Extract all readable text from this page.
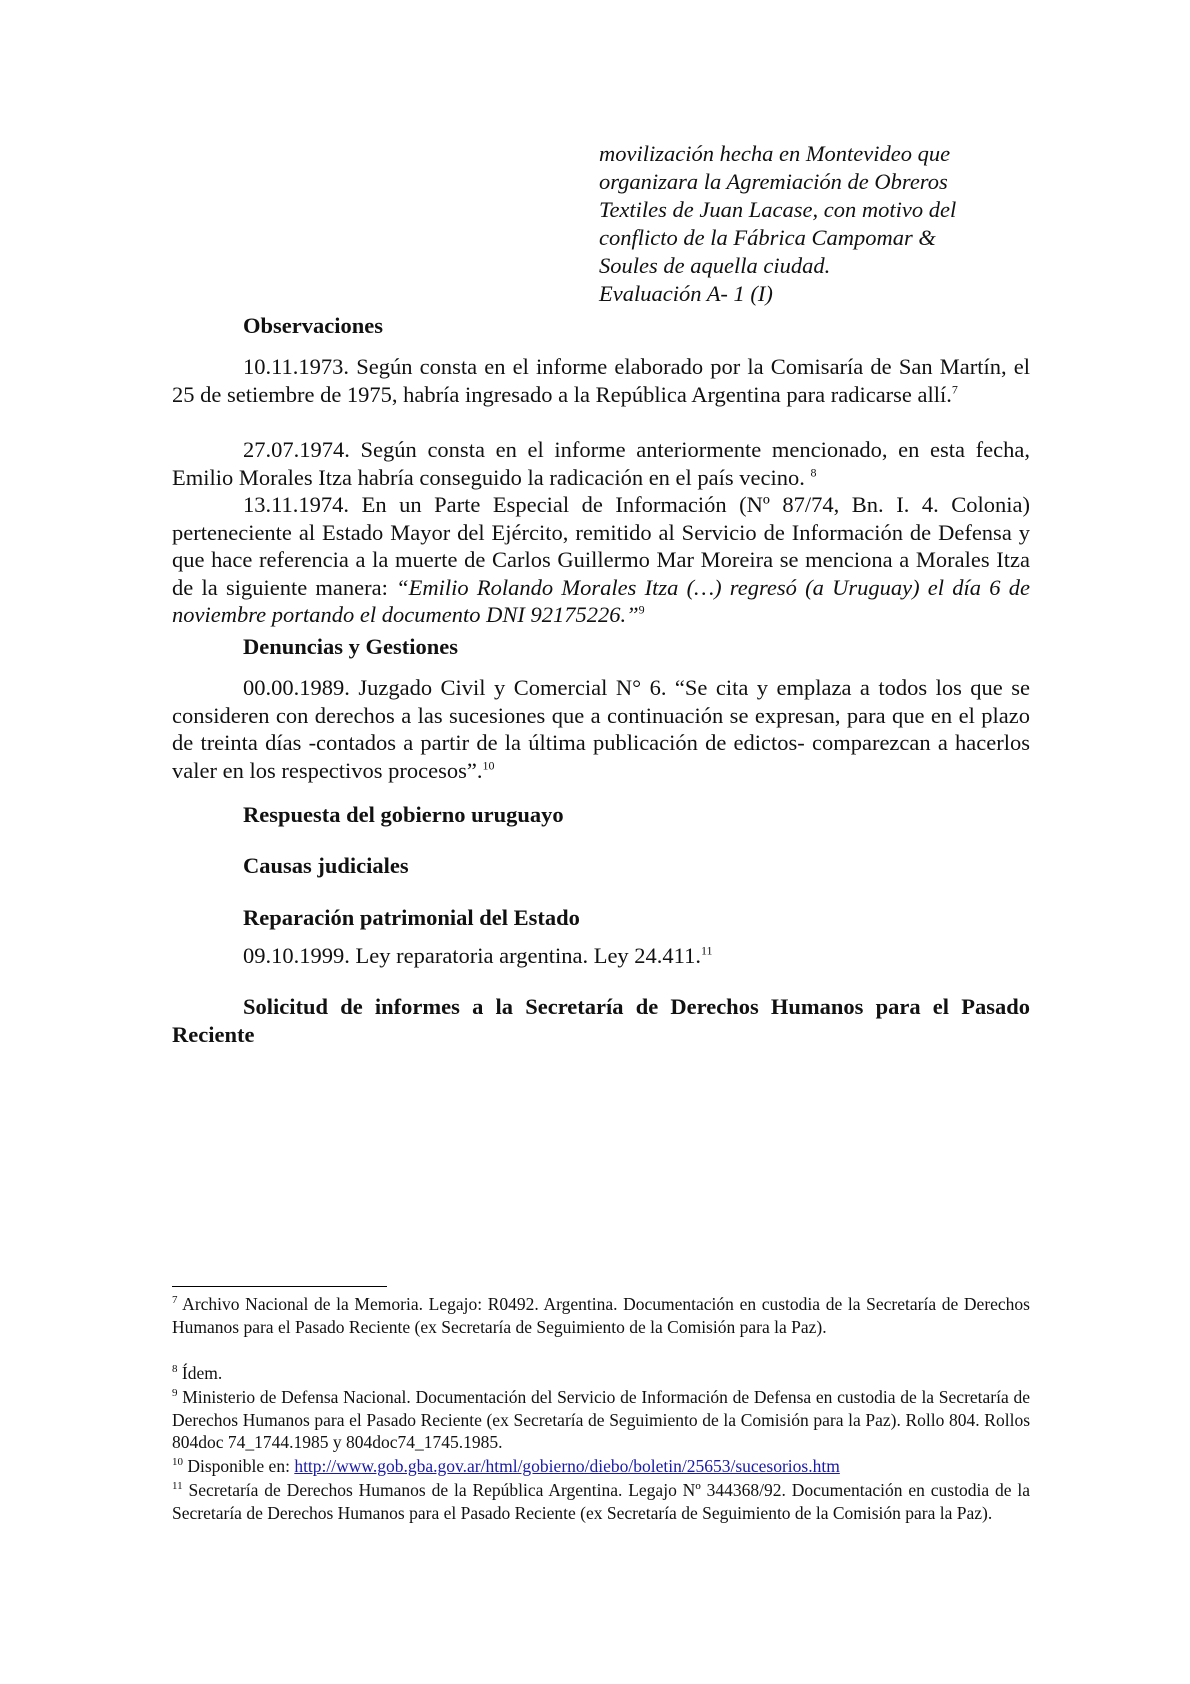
movilización hecha en Montevideo que
organizara la Agremiación de Obreros
Textiles de Juan Lacase, con motivo del
conflicto de la Fábrica Campomar &
Soules de aquella ciudad.
Evaluación A- 1 (I)
Observaciones
10.11.1973. Según consta en el informe elaborado por la Comisaría de San Martín, el 25 de setiembre de 1975, habría ingresado a la República Argentina para radicarse allí.$^7$
27.07.1974. Según consta en el informe anteriormente mencionado, en esta fecha, Emilio Morales Itza habría conseguido la radicación en el país vecino. $^8$
13.11.1974. En un Parte Especial de Información (Nº 87/74, Bn. I. 4. Colonia) perteneciente al Estado Mayor del Ejército, remitido al Servicio de Información de Defensa y que hace referencia a la muerte de Carlos Guillermo Mar Moreira se menciona a Morales Itza de la siguiente manera: “Emilio Rolando Morales Itza (…) regresó (a Uruguay) el día 6 de noviembre portando el documento DNI 92175226.”$^9$
Denuncias y Gestiones
00.00.1989. Juzgado Civil y Comercial N° 6. “Se cita y emplaza a todos los que se consideren con derechos a las sucesiones que a continuación se expresan, para que en el plazo de treinta días -contados a partir de la última publicación de edictos- comparezcan a hacerlos valer en los respectivos procesos”.$^{10}$
Respuesta del gobierno uruguayo
Causas judiciales
Reparación patrimonial del Estado
09.10.1999. Ley reparatoria argentina. Ley 24.411.11
Solicitud de informes a la Secretaría de Derechos Humanos para el Pasado Reciente
$^7$ Archivo Nacional de la Memoria. Legajo: R0492. Argentina. Documentación en custodia de la Secretaría de Derechos Humanos para el Pasado Reciente (ex Secretaría de Seguimiento de la Comisión para la Paz).
$^8$ Ídem.
$^9$ Ministerio de Defensa Nacional. Documentación del Servicio de Información de Defensa en custodia de la Secretaría de Derechos Humanos para el Pasado Reciente (ex Secretaría de Seguimiento de la Comisión para la Paz). Rollo 804. Rollos 804doc 74_1744.1985 y 804doc74_1745.1985.
$^{10}$ Disponible en: http://www.gob.gba.gov.ar/html/gobierno/diebo/boletin/25653/sucesorios.htm
$^{11}$ Secretaría de Derechos Humanos de la República Argentina. Legajo Nº 344368/92. Documentación en custodia de la Secretaría de Derechos Humanos para el Pasado Reciente (ex Secretaría de Seguimiento de la Comisión para la Paz).
